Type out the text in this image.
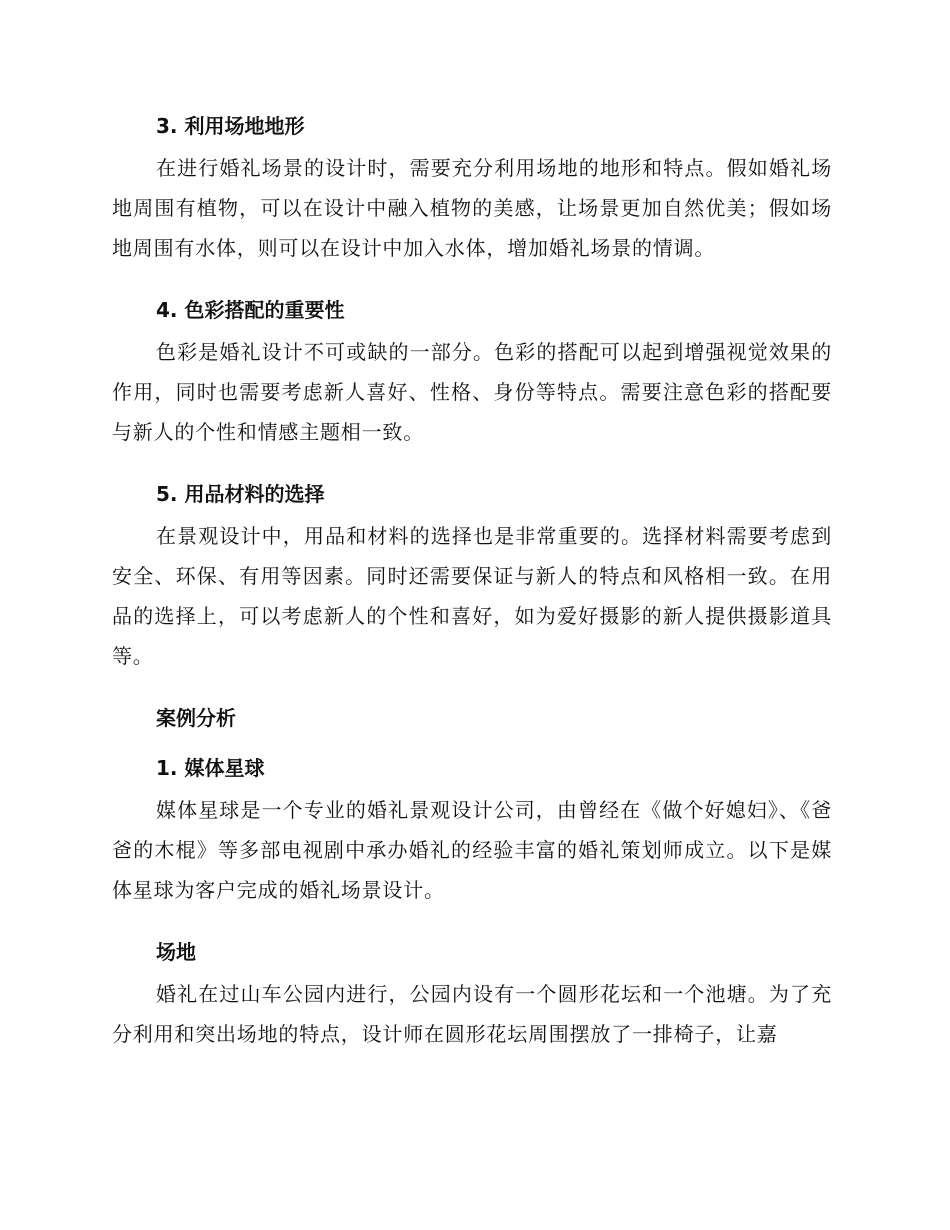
3. 利用场地地形

在进行婚礼场景的设计时，需要充分利用场地的地形和特点。假如婚礼场地周围有植物，可以在设计中融入植物的美感，让场景更加自然优美；假如场地周围有水体，则可以在设计中加入水体，增加婚礼场景的情调。

4. 色彩搭配的重要性

色彩是婚礼设计不可或缺的一部分。色彩的搭配可以起到增强视觉效果的作用，同时也需要考虑新人喜好、性格、身份等特点。需要注意色彩的搭配要与新人的个性和情感主题相一致。

5. 用品材料的选择

在景观设计中，用品和材料的选择也是非常重要的。选择材料需要考虑到安全、环保、有用等因素。同时还需要保证与新人的特点和风格相一致。在用品的选择上，可以考虑新人的个性和喜好，如为爱好摄影的新人提供摄影道具等。

案例分析
1. 媒体星球

媒体星球是一个专业的婚礼景观设计公司，由曾经在《做个好媳妇》、《爸爸的木棍》等多部电视剧中承办婚礼的经验丰富的婚礼策划师成立。以下是媒体星球为客户完成的婚礼场景设计。

场地

婚礼在过山车公园内进行，公园内设有一个圆形花坛和一个池塘。为了充分利用和突出场地的特点，设计师在圆形花坛周围摆放了一排椅子，让嘉
